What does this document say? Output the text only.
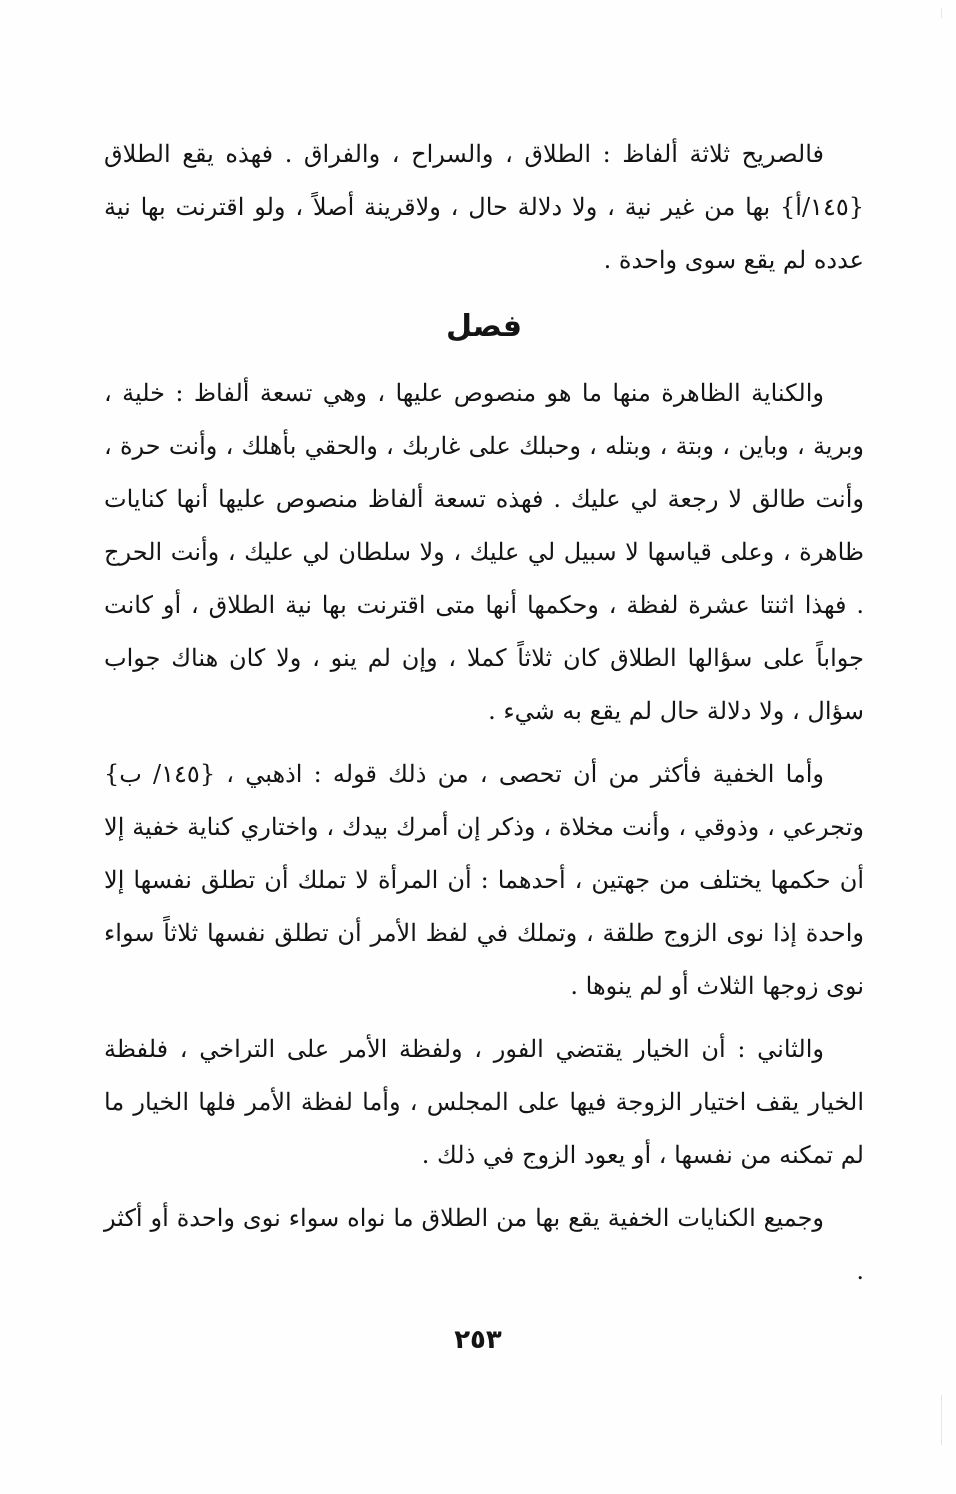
فالصريح ثلاثة ألفاظ : الطلاق ، والسراح ، والفراق . فهذه يقع الطلاق {١٤٥/أ} بها من غير نية ، ولا دلالة حال ، ولاقرينة أصلاً ، ولو اقترنت بها نية عدده لم يقع سوى واحدة .

فصل

والكناية الظاهرة منها ما هو منصوص عليها ، وهي تسعة ألفاظ : خلية ، وبرية ، وباين ، وبتة ، وبتله ، وحبلك على غاربك ، والحقي بأهلك ، وأنت حرة ، وأنت طالق لا رجعة لي عليك . فهذه تسعة ألفاظ منصوص عليها أنها كنايات ظاهرة ، وعلى قياسها لا سبيل لي عليك ، ولا سلطان لي عليك ، وأنت الحرج . فهذا اثنتا عشرة لفظة ، وحكمها أنها متى اقترنت بها نية الطلاق ، أو كانت جواباً على سؤالها الطلاق كان ثلاثاً كملا ، وإن لم ينو ، ولا كان هناك جواب سؤال ، ولا دلالة حال لم يقع به شيء .

وأما الخفية فأكثر من أن تحصى ، من ذلك قوله : اذهبي ، {١٤٥/ ب} وتجرعي ، وذوقي ، وأنت مخلاة ، وذكر إن أمرك بيدك ، واختاري كناية خفية إلا أن حكمها يختلف من جهتين ، أحدهما : أن المرأة لا تملك أن تطلق نفسها إلا واحدة إذا نوى الزوج طلقة ، وتملك في لفظ الأمر أن تطلق نفسها ثلاثاً سواء نوى زوجها الثلاث أو لم ينوها .

والثاني : أن الخيار يقتضي الفور ، ولفظة الأمر على التراخي ، فلفظة الخيار يقف اختيار الزوجة فيها على المجلس ، وأما لفظة الأمر فلها الخيار ما لم تمكنه من نفسها ، أو يعود الزوج في ذلك .

وجميع الكنايات الخفية يقع بها من الطلاق ما نواه سواء نوى واحدة أو أكثر .

٢٥٣
